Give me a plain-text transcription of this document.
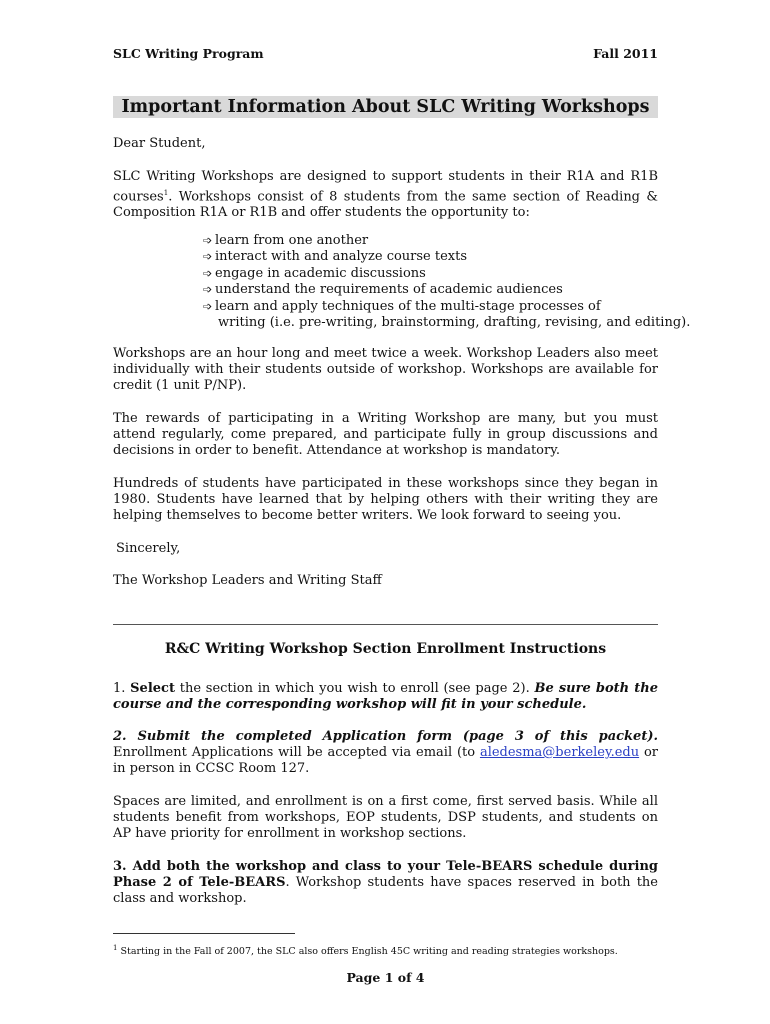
SLC Writing Program	Fall 2011
Important Information About SLC Writing Workshops
Dear Student,
SLC Writing Workshops are designed to support students in their R1A and R1B courses$^1$. Workshops consist of 8 students from the same section of Reading & Composition R1A or R1B and offer students the opportunity to:
➩ learn from one another
➩ interact with and analyze course texts
➩ engage in academic discussions
➩ understand the requirements of academic audiences
➩ learn and apply techniques of the multi-stage processes of
writing (i.e. pre-writing, brainstorming, drafting, revising, and editing).
Workshops are an hour long and meet twice a week. Workshop Leaders also meet individually with their students outside of workshop. Workshops are available for credit (1 unit P/NP).
The rewards of participating in a Writing Workshop are many, but you must attend regularly, come prepared, and participate fully in group discussions and decisions in order to benefit. Attendance at workshop is mandatory.
Hundreds of students have participated in these workshops since they began in 1980. Students have learned that by helping others with their writing they are helping themselves to become better writers. We look forward to seeing you.
Sincerely,
The Workshop Leaders and Writing Staff
R&C Writing Workshop Section Enrollment Instructions
1. Select the section in which you wish to enroll (see page 2). Be sure both the course and the corresponding workshop will fit in your schedule.
2. Submit the completed Application form (page 3 of this packet). Enrollment Applications will be accepted via email (to aledesma@berkeley.edu or in person in CCSC Room 127.
Spaces are limited, and enrollment is on a first come, first served basis. While all students benefit from workshops, EOP students, DSP students, and students on AP have priority for enrollment in workshop sections.
3. Add both the workshop and class to your Tele-BEARS schedule during Phase 2 of Tele-BEARS. Workshop students have spaces reserved in both the class and workshop.
$^1$ Starting in the Fall of 2007, the SLC also offers English 45C writing and reading strategies workshops.
Page 1 of 4
